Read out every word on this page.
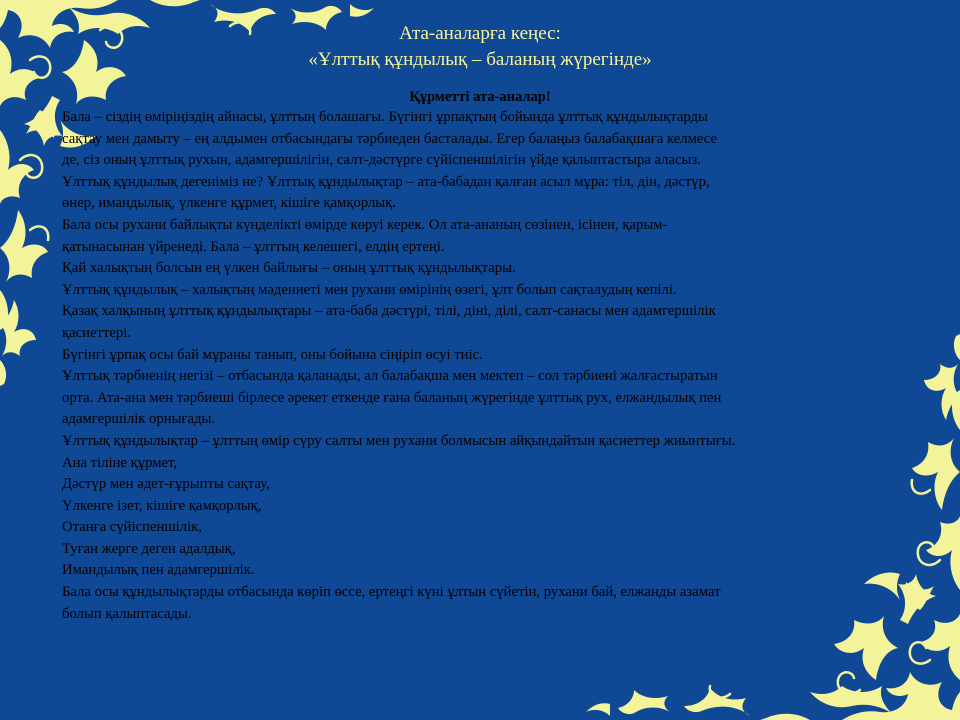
Ата-аналарға кеңес:
«Ұлттық құндылық – баланың жүрегінде»
Құрметті ата-аналар!

Бала – сіздің өміріңіздің айнасы, ұлттың болашағы. Бүгінгі ұрпақтың бойында ұлттық құндылықтарды

сақтау мен дамыту – ең алдымен отбасындағы тәрбиеден басталады. Егер балаңыз балабақшаға келмесе

де, сіз оның ұлттық рухын, адамгершілігін, салт-дәстүрге сүйіспеншілігін үйде қалыптастыра аласыз.

Ұлттық құндылық дегеніміз не? Ұлттық құндылықтар – ата-бабадан қалған асыл мұра: тіл, дін, дәстүр,

өнер, имандылық, үлкенге құрмет, кішіге қамқорлық.

Бала осы рухани байлықты күнделікті өмірде көруі керек. Ол ата-ананың сөзінен, ісінен, қарым-

қатынасынан үйренеді. Бала – ұлттың келешегі, елдің ертеңі.

Қай халықтың болсын ең үлкен байлығы – оның ұлттық құндылықтары.

Ұлттық құндылық – халықтың мәдениеті мен рухани өмірінің өзегі, ұлт болып сақталудың кепілі.

Қазақ халқының ұлттық құндылықтары – ата-баба дәстүрі, тілі, діні, ділі, салт-санасы мен адамгершілік

қасиеттері.

Бүгінгі ұрпақ осы бай мұраны танып, оны бойына сіңіріп өсуі тиіс.

Ұлттық тәрбиенің негізі – отбасында қаланады, ал балабақша мен мектеп – сол тәрбиені жалғастыратын

орта. Ата-ана мен тәрбиеші бірлесе әрекет еткенде ғана баланың жүрегінде ұлттық рух, елжандылық пен

адамгершілік орнығады.

Ұлттық құндылықтар – ұлттың өмір сүру салты мен рухани болмысын айқындайтын қасиеттер жиынтығы.

Ана тіліне құрмет,

Дәстүр мен әдет-ғұрыпты сақтау,

Үлкенге ізет, кішіге қамқорлық,

Отанға сүйіспеншілік,

Туған жерге деген адалдық,

Имандылық пен адамгершілік.

Бала осы құндылықтарды отбасында көріп өссе, ертеңгі күні ұлтын сүйетін, рухани бай, елжанды азамат

болып қалыптасады.
